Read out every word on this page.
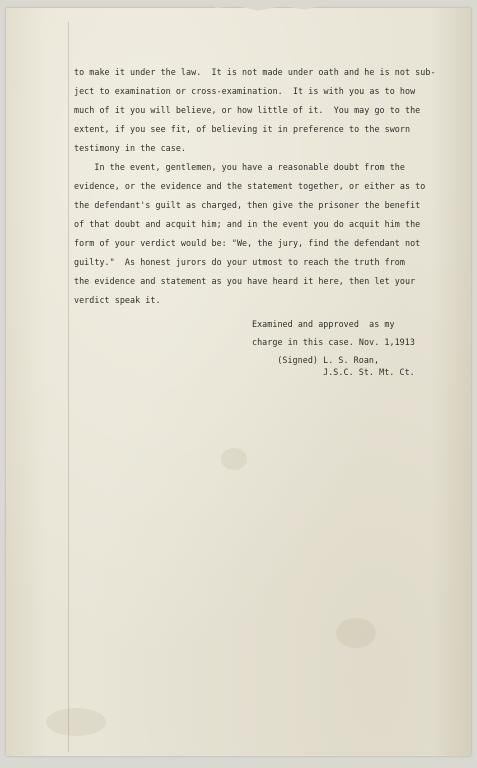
to make it under the law.  It is not made under oath and he is not sub-
ject to examination or cross-examination.  It is with you as to how
much of it you will believe, or how little of it.  You may go to the
extent, if you see fit, of believing it in preference to the sworn
testimony in the case.
In the event, gentlemen, you have a reasonable doubt from the
evidence, or the evidence and the statement together, or either as to
the defendant's guilt as charged, then give the prisoner the benefit
of that doubt and acquit him; and in the event you do acquit him the
form of your verdict would be: "We, the jury, find the defendant not
guilty."  As honest jurors do your utmost to reach the truth from
the evidence and statement as you have heard it here, then let your
verdict speak it.
Examined and approved  as my
charge in this case. Nov. 1,1913
(Signed) L. S. Roan,
J.S.C. St. Mt. Ct.
